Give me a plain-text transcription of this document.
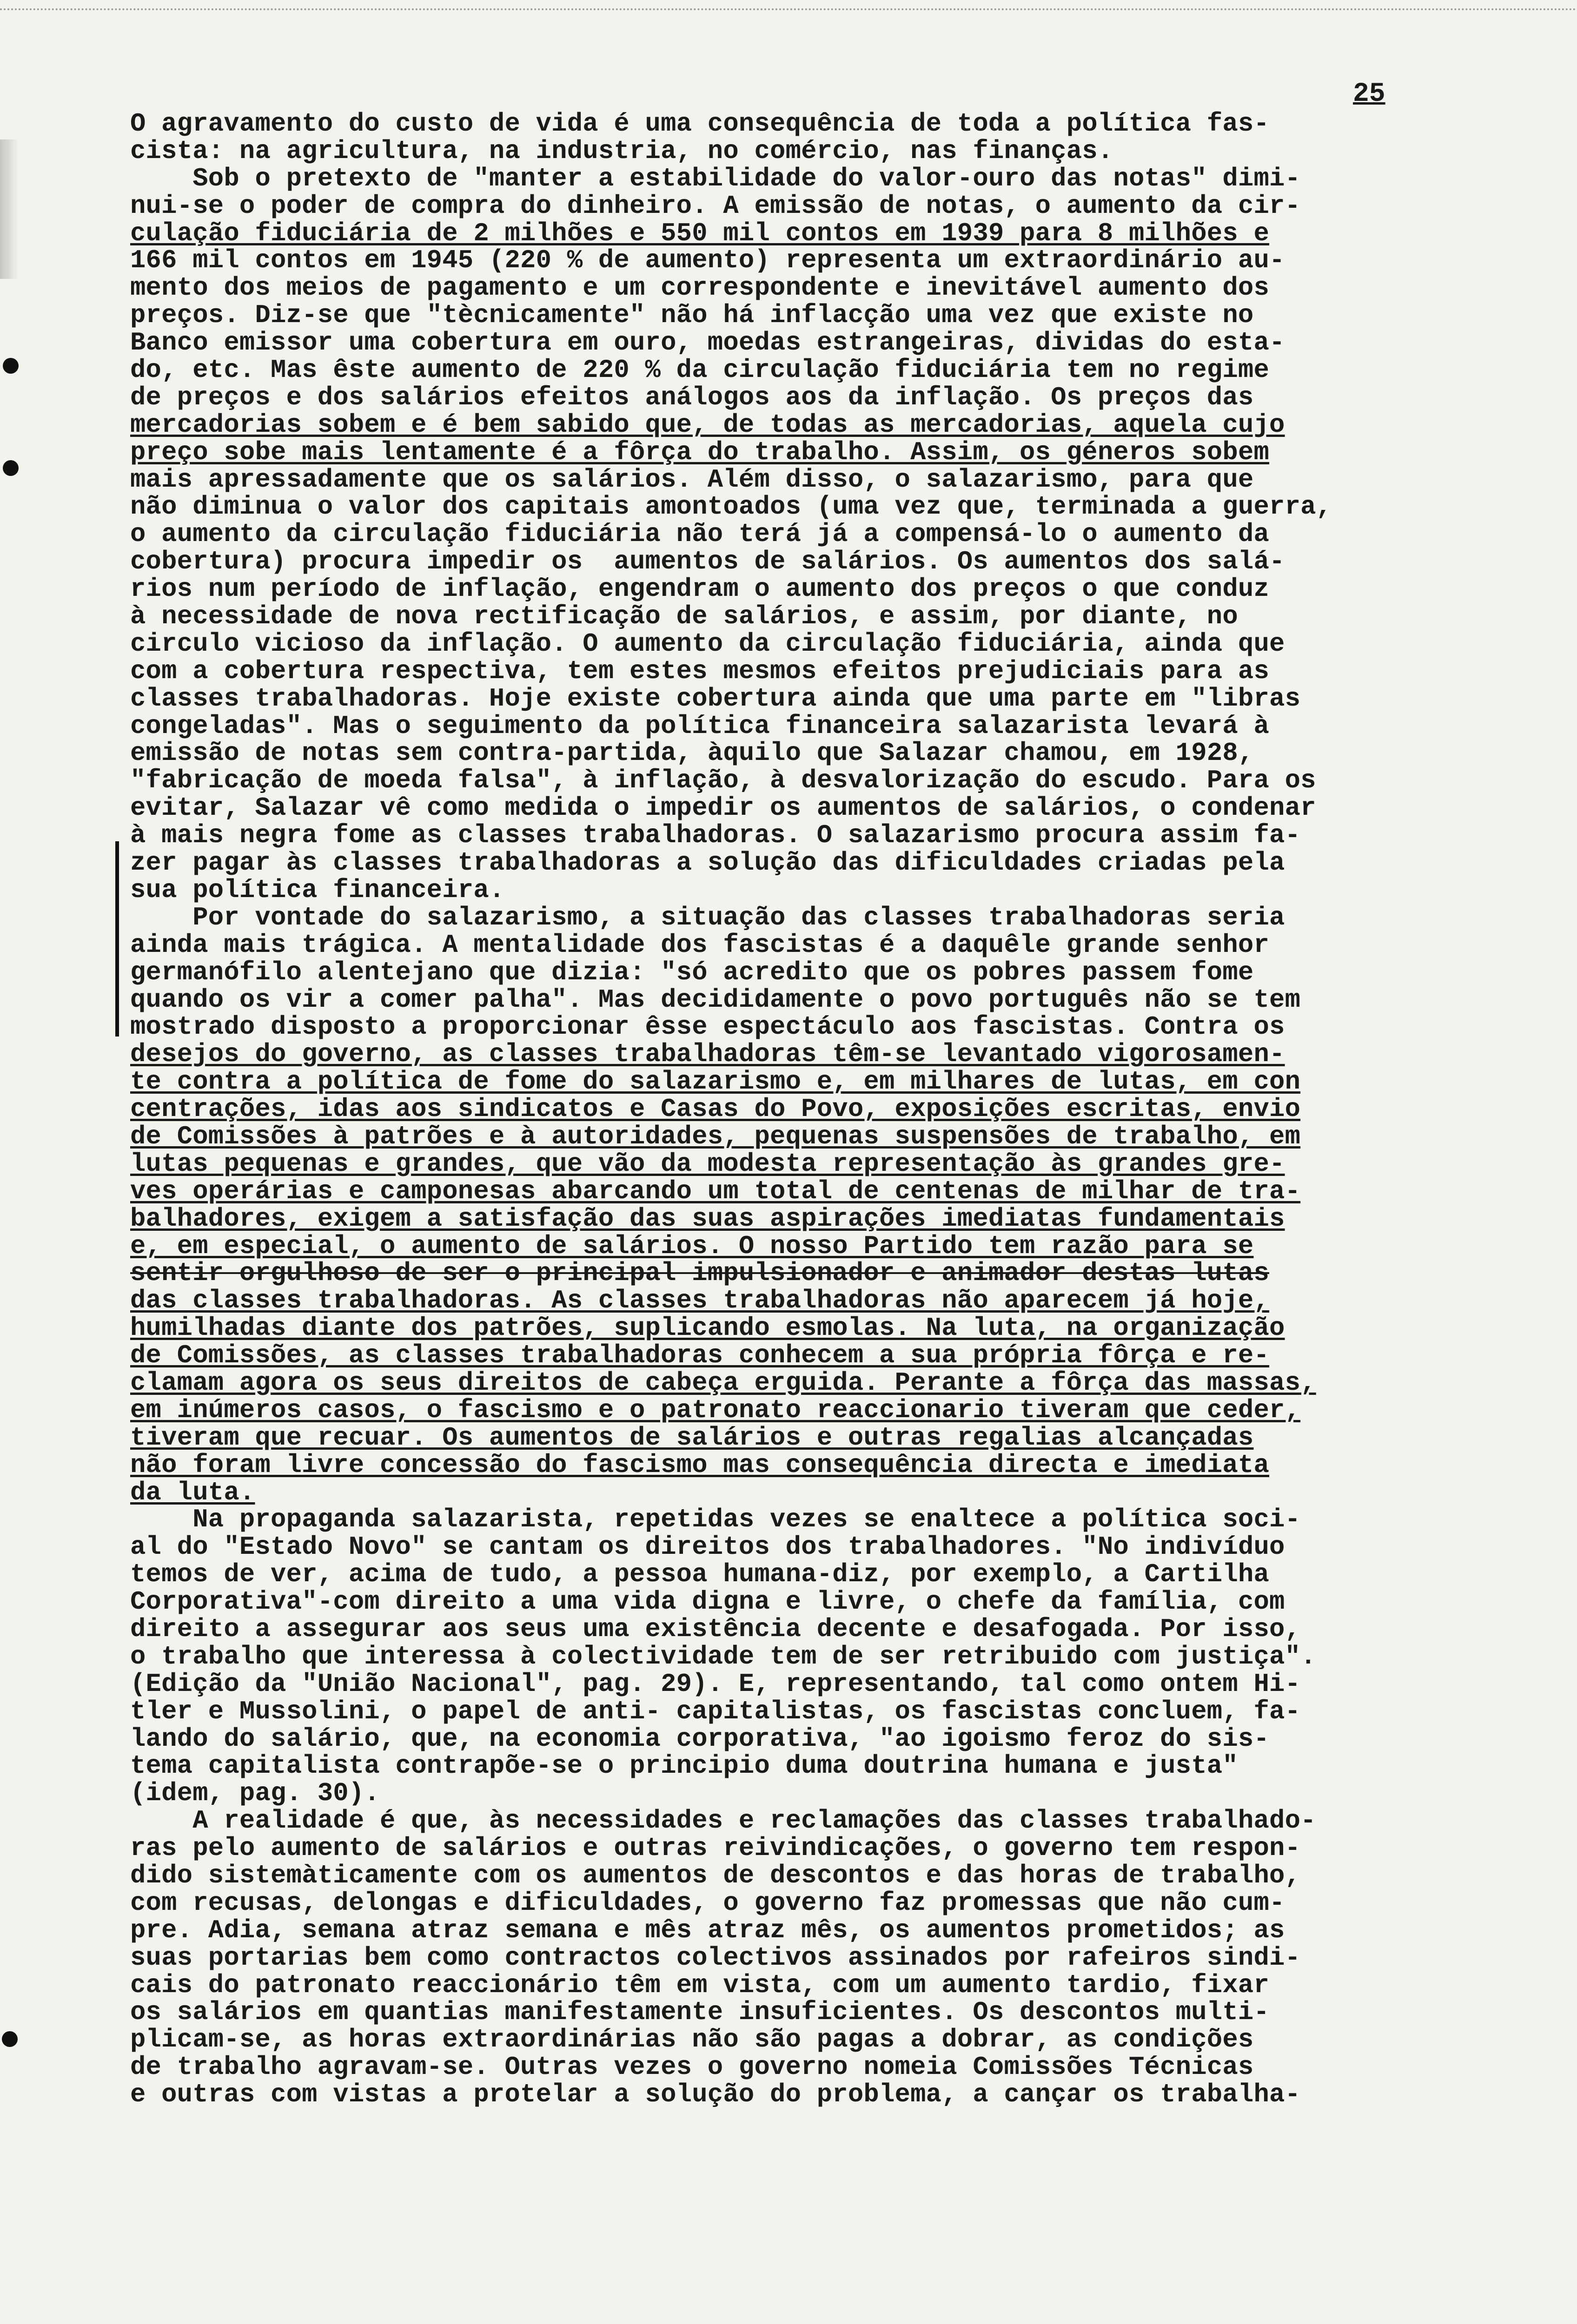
25
O agravamento do custo de vida é uma consequência de toda a política fas-
cista: na agricultura, na industria, no comércio, nas finanças.
Sob o pretexto de "manter a estabilidade do valor-ouro das notas" dimi-
nui-se o poder de compra do dinheiro. A emissão de notas, o aumento da cir-
culação fiduciária de 2 milhões e 550 mil contos em 1939 para 8 milhões e
166 mil contos em 1945 (220 % de aumento) representa um extraordinário au-
mento dos meios de pagamento e um correspondente e inevitável aumento dos
preços. Diz-se que "tècnicamente" não há inflacção uma vez que existe no
Banco emissor uma cobertura em ouro, moedas estrangeiras, dividas do esta-
do, etc. Mas êste aumento de 220 % da circulação fiduciária tem no regime
de preços e dos salários efeitos análogos aos da inflação. Os preços das
mercadorias sobem e é bem sabido que, de todas as mercadorias, aquela cujo
preço sobe mais lentamente é a fôrça do trabalho. Assim, os géneros sobem
mais apressadamente que os salários. Além disso, o salazarismo, para que
não diminua o valor dos capitais amontoados (uma vez que, terminada a guerra,
o aumento da circulação fiduciária não terá já a compensá-lo o aumento da
cobertura) procura impedir os  aumentos de salários. Os aumentos dos salá-
rios num período de inflação, engendram o aumento dos preços o que conduz
à necessidade de nova rectificação de salários, e assim, por diante, no
circulo vicioso da inflação. O aumento da circulação fiduciária, ainda que
com a cobertura respectiva, tem estes mesmos efeitos prejudiciais para as
classes trabalhadoras. Hoje existe cobertura ainda que uma parte em "libras
congeladas". Mas o seguimento da política financeira salazarista levará à
emissão de notas sem contra-partida, àquilo que Salazar chamou, em 1928,
"fabricação de moeda falsa", à inflação, à desvalorização do escudo. Para os
evitar, Salazar vê como medida o impedir os aumentos de salários, o condenar
à mais negra fome as classes trabalhadoras. O salazarismo procura assim fa-
zer pagar às classes trabalhadoras a solução das dificuldades criadas pela
sua política financeira.
Por vontade do salazarismo, a situação das classes trabalhadoras seria
ainda mais trágica. A mentalidade dos fascistas é a daquêle grande senhor
germanófilo alentejano que dizia: "só acredito que os pobres passem fome
quando os vir a comer palha". Mas decididamente o povo português não se tem
mostrado disposto a proporcionar êsse espectáculo aos fascistas. Contra os
desejos do governo, as classes trabalhadoras têm-se levantado vigorosamen-
te contra a política de fome do salazarismo e, em milhares de lutas, em con
centrações, idas aos sindicatos e Casas do Povo, exposições escritas, envio
de Comissões à patrões e à autoridades, pequenas suspensões de trabalho, em
lutas pequenas e grandes, que vão da modesta representação às grandes gre-
ves operárias e camponesas abarcando um total de centenas de milhar de tra-
balhadores, exigem a satisfação das suas aspirações imediatas fundamentais
e, em especial, o aumento de salários. O nosso Partido tem razão para se
sentir orgulhoso de ser o principal impulsionador e animador destas lutas
das classes trabalhadoras. As classes trabalhadoras não aparecem já hoje,
humilhadas diante dos patrões, suplicando esmolas. Na luta, na organização
de Comissões, as classes trabalhadoras conhecem a sua própria fôrça e re-
clamam agora os seus direitos de cabeça erguida. Perante a fôrça das massas,
em inúmeros casos, o fascismo e o patronato reaccionario tiveram que ceder,
tiveram que recuar. Os aumentos de salários e outras regalias alcançadas
não foram livre concessão do fascismo mas consequência directa e imediata
da luta.
Na propaganda salazarista, repetidas vezes se enaltece a política soci-
al do "Estado Novo" se cantam os direitos dos trabalhadores. "No indivíduo
temos de ver, acima de tudo, a pessoa humana-diz, por exemplo, a Cartilha
Corporativa"-com direito a uma vida digna e livre, o chefe da família, com
direito a assegurar aos seus uma existência decente e desafogada. Por isso,
o trabalho que interessa à colectividade tem de ser retribuido com justiça".
(Edição da "União Nacional", pag. 29). E, representando, tal como ontem Hi-
tler e Mussolini, o papel de anti- capitalistas, os fascistas concluem, fa-
lando do salário, que, na economia corporativa, "ao igoismo feroz do sis-
tema capitalista contrapõe-se o principio duma doutrina humana e justa"
(idem, pag. 30).
A realidade é que, às necessidades e reclamações das classes trabalhado-
ras pelo aumento de salários e outras reivindicações, o governo tem respon-
dido sistemàticamente com os aumentos de descontos e das horas de trabalho,
com recusas, delongas e dificuldades, o governo faz promessas que não cum-
pre. Adia, semana atraz semana e mês atraz mês, os aumentos prometidos; as
suas portarias bem como contractos colectivos assinados por rafeiros sindi-
cais do patronato reaccionário têm em vista, com um aumento tardio, fixar
os salários em quantias manifestamente insuficientes. Os descontos multi-
plicam-se, as horas extraordinárias não são pagas a dobrar, as condições
de trabalho agravam-se. Outras vezes o governo nomeia Comissões Técnicas
e outras com vistas a protelar a solução do problema, a cançar os trabalha-
